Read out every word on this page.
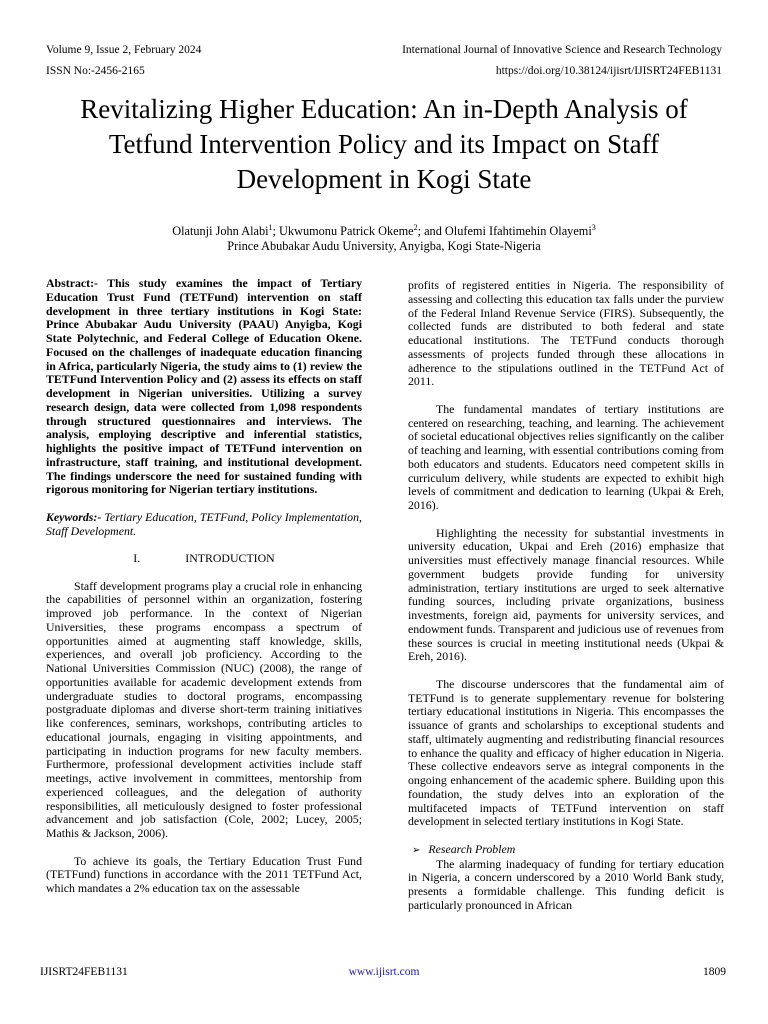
Volume 9, Issue 2, February 2024	International Journal of Innovative Science and Research Technology
ISSN No:-2456-2165	https://doi.org/10.38124/ijisrt/IJISRT24FEB1131
Revitalizing Higher Education: An in-Depth Analysis of Tetfund Intervention Policy and its Impact on Staff Development in Kogi State
Olatunji John Alabi$^1$; Ukwumonu Patrick Okeme$^2$; and Olufemi Ifahtimehin Olayemi$^3$
Prince Abubakar Audu University, Anyigba, Kogi State-Nigeria

Abstract:- This study examines the impact of Tertiary Education Trust Fund (TETFund) intervention on staff development in three tertiary institutions in Kogi State: Prince Abubakar Audu University (PAAU) Anyigba, Kogi State Polytechnic, and Federal College of Education Okene. Focused on the challenges of inadequate education financing in Africa, particularly Nigeria, the study aims to (1) review the TETFund Intervention Policy and (2) assess its effects on staff development in Nigerian universities. Utilizing a survey research design, data were collected from 1,098 respondents through structured questionnaires and interviews. The analysis, employing descriptive and inferential statistics, highlights the positive impact of TETFund intervention on infrastructure, staff training, and institutional development. The findings underscore the need for sustained funding with rigorous monitoring for Nigerian tertiary institutions.

Keywords:- Tertiary Education, TETFund, Policy Implementation, Staff Development.

I.	INTRODUCTION

Staff development programs play a crucial role in enhancing the capabilities of personnel within an organization, fostering improved job performance. In the context of Nigerian Universities, these programs encompass a spectrum of opportunities aimed at augmenting staff knowledge, skills, experiences, and overall job proficiency. According to the National Universities Commission (NUC) (2008), the range of opportunities available for academic development extends from undergraduate studies to doctoral programs, encompassing postgraduate diplomas and diverse short-term training initiatives like conferences, seminars, workshops, contributing articles to educational journals, engaging in visiting appointments, and participating in induction programs for new faculty members. Furthermore, professional development activities include staff meetings, active involvement in committees, mentorship from experienced colleagues, and the delegation of authority responsibilities, all meticulously designed to foster professional advancement and job satisfaction (Cole, 2002; Lucey, 2005; Mathis & Jackson, 2006).

To achieve its goals, the Tertiary Education Trust Fund (TETFund) functions in accordance with the 2011 TETFund Act, which mandates a 2% education tax on the assessable

profits of registered entities in Nigeria. The responsibility of assessing and collecting this education tax falls under the purview of the Federal Inland Revenue Service (FIRS). Subsequently, the collected funds are distributed to both federal and state educational institutions. The TETFund conducts thorough assessments of projects funded through these allocations in adherence to the stipulations outlined in the TETFund Act of 2011.

The fundamental mandates of tertiary institutions are centered on researching, teaching, and learning. The achievement of societal educational objectives relies significantly on the caliber of teaching and learning, with essential contributions coming from both educators and students. Educators need competent skills in curriculum delivery, while students are expected to exhibit high levels of commitment and dedication to learning (Ukpai & Ereh, 2016).

Highlighting the necessity for substantial investments in university education, Ukpai and Ereh (2016) emphasize that universities must effectively manage financial resources. While government budgets provide funding for university administration, tertiary institutions are urged to seek alternative funding sources, including private organizations, business investments, foreign aid, payments for university services, and endowment funds. Transparent and judicious use of revenues from these sources is crucial in meeting institutional needs (Ukpai & Ereh, 2016).

The discourse underscores that the fundamental aim of TETFund is to generate supplementary revenue for bolstering tertiary educational institutions in Nigeria. This encompasses the issuance of grants and scholarships to exceptional students and staff, ultimately augmenting and redistributing financial resources to enhance the quality and efficacy of higher education in Nigeria. These collective endeavors serve as integral components in the ongoing enhancement of the academic sphere. Building upon this foundation, the study delves into an exploration of the multifaceted impacts of TETFund intervention on staff development in selected tertiary institutions in Kogi State.

➢ Research Problem

The alarming inadequacy of funding for tertiary education in Nigeria, a concern underscored by a 2010 World Bank study, presents a formidable challenge. This funding deficit is particularly pronounced in African

IJISRT24FEB1131	www.ijisrt.com	1809
